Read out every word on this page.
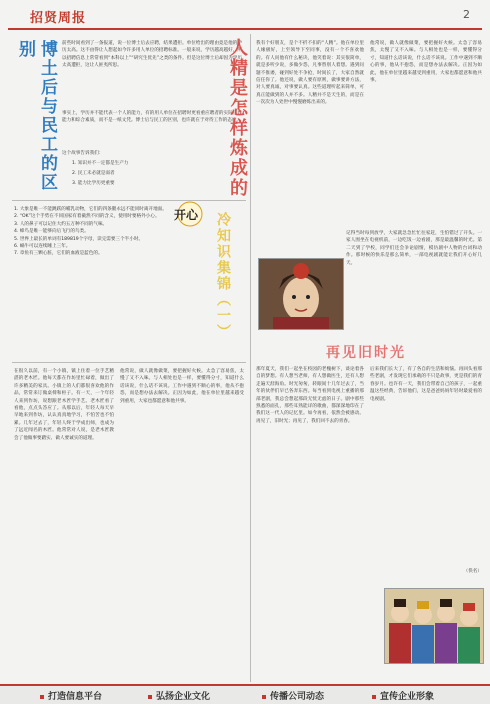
招贤周报	2
博土后与民工的区别	前些时间看到了一条报道，说一位博士后去应聘，结果遭拒。单位给出的理由竟是他的学历太高。这不由得让人想起如今许多用人单位的招聘标准。一般来说，学历越高越好，所以招聘信息上常常看到“本科以上”“研究生优先”之类的条件。但是这位博士后却因为学历太高遭拒，这让人匪夷所思。
事实上，学历并不能代表一个人的能力，有的用人单位在招聘时更看重应聘者的实际工作能力和综合素质，而不是一纸文凭。博士后与民工的区别，也许就在于对待工作的态度。
这个故事告诉我们：
1. 知识并不一定都是生产力
2. 民工未必就是弱者
3. 能力比学历更重要
1. 大象是唯一不能跳跃的哺乳动物，它们的四条腿永远不能同时离开地面。
2. “OK”这个手势在不同国家有着截然不同的含义，使用时要格外小心。
3. 人的鼻子可以记住大约五万种不同的气味。
4. 蜂鸟是唯一能够向后飞行的鸟类。
5. 世界上最长的单词有189819个字母，读完需要三个半小时。
6. 蜗牛可以连续睡上三年。
7. 章鱼有三颗心脏，它们的血液是蓝色的。
开心 冷知识集锦（一）
在很久以前，有一个小镇，镇上住着一位手艺精湛的老木匠。他每天都在作坊里忙碌着，做出了许多精美的家具。小镇上的人们都很喜欢他的作品，常常来订做桌椅和柜子。有一天，一个年轻人来到作坊，说想跟老木匠学手艺。老木匠看了看他，点点头答应了。从那以后，年轻人每天早早地来到作坊，认认真真地学习，不怕苦也不怕累。几年过去了，年轻人终于学成出师，也成为了远近闻名的木匠。他常常对人说，是老木匠教会了他做事要踏实、做人要诚实的道理。
他常说，做人就像做菜，要把握好火候。太急了容易焦，太慢了又不入味。与人相处也是一样，要懂得分寸，知道什么话该说，什么话不该说。工作中遇到不顺心的事，他从不抱怨，而是想办法去解决。正因为如此，他在单位里越来越受到重用，大家也都愿意和他共事。
人精是怎样炼成的 我有个好朋友，是个不折不扣的“人精”。他在单位里人缘极好，上至领导下至同事，没有一个不喜欢他的。有人问他有什么秘诀，他笑着说：其实很简单，就是多听少说，多做少怨，凡事替别人着想。遇到问题不推诿，碰到好处不争抢，时间长了，大家自然就信任你了。他还说，做人要有原则，做事要讲方法，对人要真诚，对事要认真。这些道理听起来简单，可真正能做到的人并不多。人精并不是天生的，而是在一次次为人处世中慢慢磨炼出来的。
他常说，做人就像做菜，要把握好火候。太急了容易焦，太慢了又不入味。与人相处也是一样，要懂得分寸，知道什么话该说，什么话不该说。工作中遇到不顺心的事，他从不抱怨，而是想办法去解决。正因为如此，他在单位里越来越受到重用，大家也都愿意和他共事。
记得当时每到放学，大家就急急忙忙往家赶，生怕错过了开头。一家人围坐在电视机前，一边吃饭一边看剧，那是最温馨的时光。第二天到了学校，同学们还会争论剧情，模仿剧中人物的台词和动作。那时候的快乐是那么简单，一部电视剧就能让我们开心好几天。
再见旧时光
那年夏天，我们一起坐在校园的老槐树下，谈论着各自的梦想。有人想当老师，有人想做医生，还有人想走遍天涯海角。时光匆匆，转眼间十几年过去了，当年的伙伴们早已各奔东西。每当看到电视上重播的那部老剧，我总会想起那段无忧无虑的日子。剧中那些熟悉的面孔，那些耳熟能详的歌曲，都深深地印在了我们这一代人的记忆里。如今再看，依然会被感动。再见了，旧时光；再见了，我们回不去的青春。
后来我们长大了，有了各自的生活和烦恼。再回头看那些老剧，才发现它们承载的不只是故事，更是我们的青春岁月。也许有一天，我们会带着自己的孩子，一起重温这些经典，告诉他们，这是爸爸妈妈年轻时最爱看的电视剧。
（佚名）
打造信息平台	弘扬企业文化	传播公司动态	宣传企业形象
